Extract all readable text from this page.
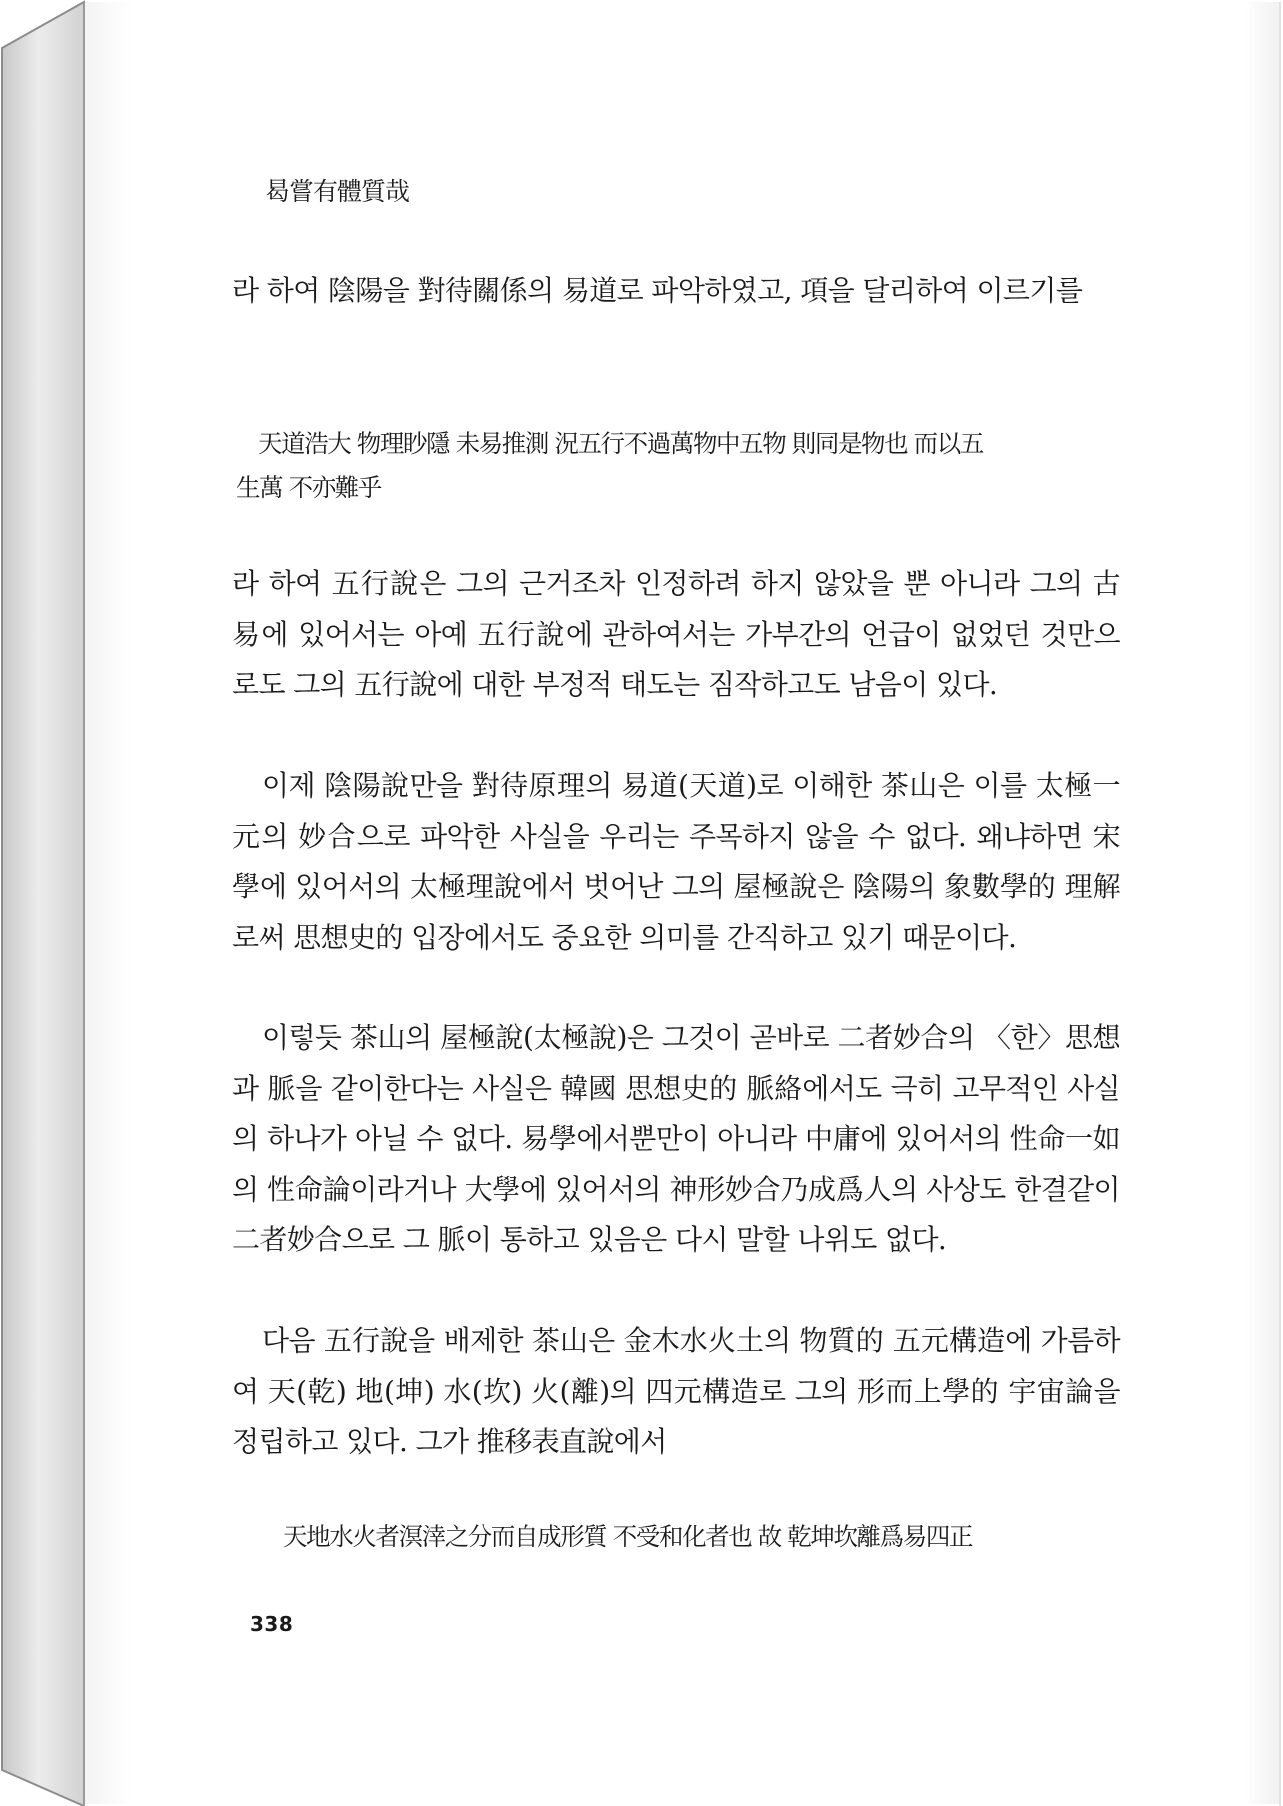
曷嘗有體質哉

라 하여 陰陽을 對待關係의 易道로 파악하였고, 項을 달리하여 이르기를

天道浩大 物理眇隱 未易推測 況五行不過萬物中五物 則同是物也 而以五
生萬 不亦難乎

라 하여 五行說은 그의 근거조차 인정하려 하지 않았을 뿐 아니라 그의 古易에 있어서는 아예 五行說에 관하여서는 가부간의 언급이 없었던 것만으로도 그의 五行說에 대한 부정적 태도는 짐작하고도 남음이 있다.

이제 陰陽說만을 對待原理의 易道(天道)로 이해한 茶山은 이를 太極一元의 妙合으로 파악한 사실을 우리는 주목하지 않을 수 없다. 왜냐하면 宋學에 있어서의 太極理說에서 벗어난 그의 屋極說은 陰陽의 象數學的 理解로써 思想史的 입장에서도 중요한 의미를 간직하고 있기 때문이다.

이렇듯 茶山의 屋極說(太極說)은 그것이 곧바로 二者妙合의 〈한〉思想과 脈을 같이한다는 사실은 韓國 思想史的 脈絡에서도 극히 고무적인 사실의 하나가 아닐 수 없다. 易學에서뿐만이 아니라 中庸에 있어서의 性命一如의 性命論이라거나 大學에 있어서의 神形妙合乃成爲人의 사상도 한결같이 二者妙合으로 그 脈이 통하고 있음은 다시 말할 나위도 없다.

다음 五行說을 배제한 茶山은 金木水火土의 物質的 五元構造에 가름하여 天(乾) 地(坤) 水(坎) 火(離)의 四元構造로 그의 形而上學的 宇宙論을 정립하고 있다. 그가 推移表直說에서

天地水火者溟涬之分而自成形質 不受和化者也 故 乾坤坎離爲易四正
338
